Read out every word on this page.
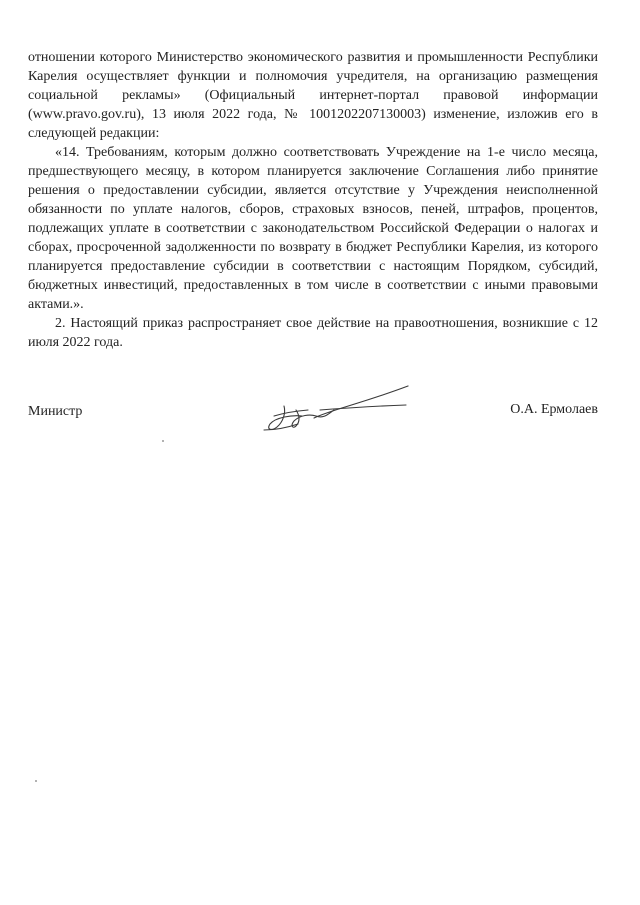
отношении которого Министерство экономического развития и промышленности Республики Карелия осуществляет функции и полномочия учредителя, на организацию размещения социальной рекламы» (Официальный интернет-портал правовой информации (www.pravo.gov.ru), 13 июля 2022 года, № 1001202207130003) изменение, изложив его в следующей редакции:

«14. Требованиям, которым должно соответствовать Учреждение на 1-е число месяца, предшествующего месяцу, в котором планируется заключение Соглашения либо принятие решения о предоставлении субсидии, является отсутствие у Учреждения неисполненной обязанности по уплате налогов, сборов, страховых взносов, пеней, штрафов, процентов, подлежащих уплате в соответствии с законодательством Российской Федерации о налогах и сборах, просроченной задолженности по возврату в бюджет Республики Карелия, из которого планируется предоставление субсидии в соответствии с настоящим Порядком, субсидий, бюджетных инвестиций, предоставленных в том числе в соответствии с иными правовыми актами.».

2. Настоящий приказ распространяет свое действие на правоотношения, возникшие с 12 июля 2022 года.

Министр	О.А. Ермолаев
